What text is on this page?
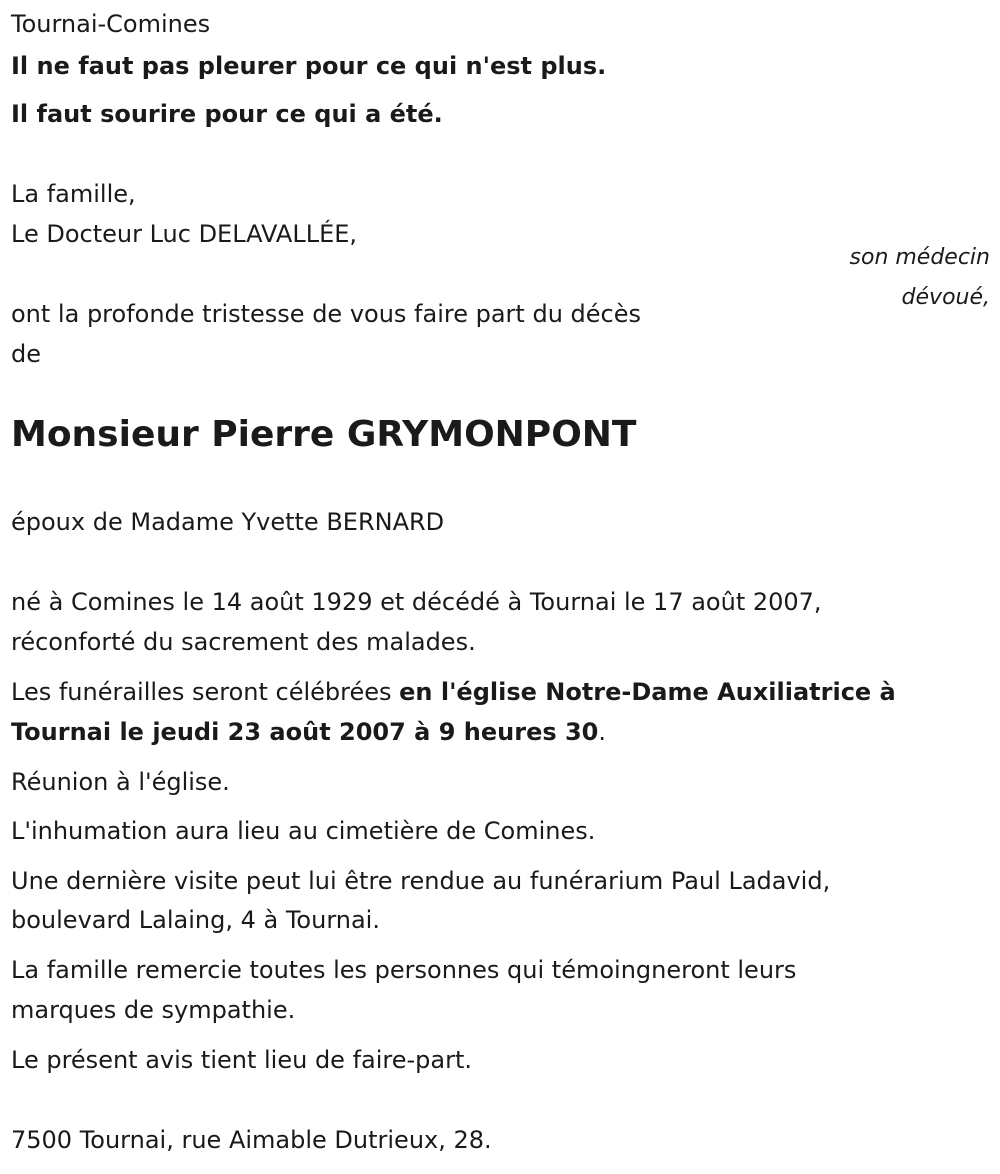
Tournai-Comines

Il ne faut pas pleurer pour ce qui n'est plus.

Il faut sourire pour ce qui a été.

La famille,

Le Docteur Luc DELAVALLÉE,

son médecin
dévoué,

ont la profonde tristesse de vous faire part du décès

de

Monsieur Pierre GRYMONPONT

époux de Madame Yvette BERNARD

né à Comines le 14 août 1929 et décédé à Tournai le 17 août 2007,

réconforté du sacrement des malades.

Les funérailles seront célébrées en l'église Notre-Dame Auxiliatrice à

Tournai le jeudi 23 août 2007 à 9 heures 30.

Réunion à l'église.

L'inhumation aura lieu au cimetière de Comines.

Une dernière visite peut lui être rendue au funérarium Paul Ladavid,

boulevard Lalaing, 4 à Tournai.

La famille remercie toutes les personnes qui témoingneront leurs

marques de sympathie.

Le présent avis tient lieu de faire-part.

7500 Tournai, rue Aimable Dutrieux, 28.
